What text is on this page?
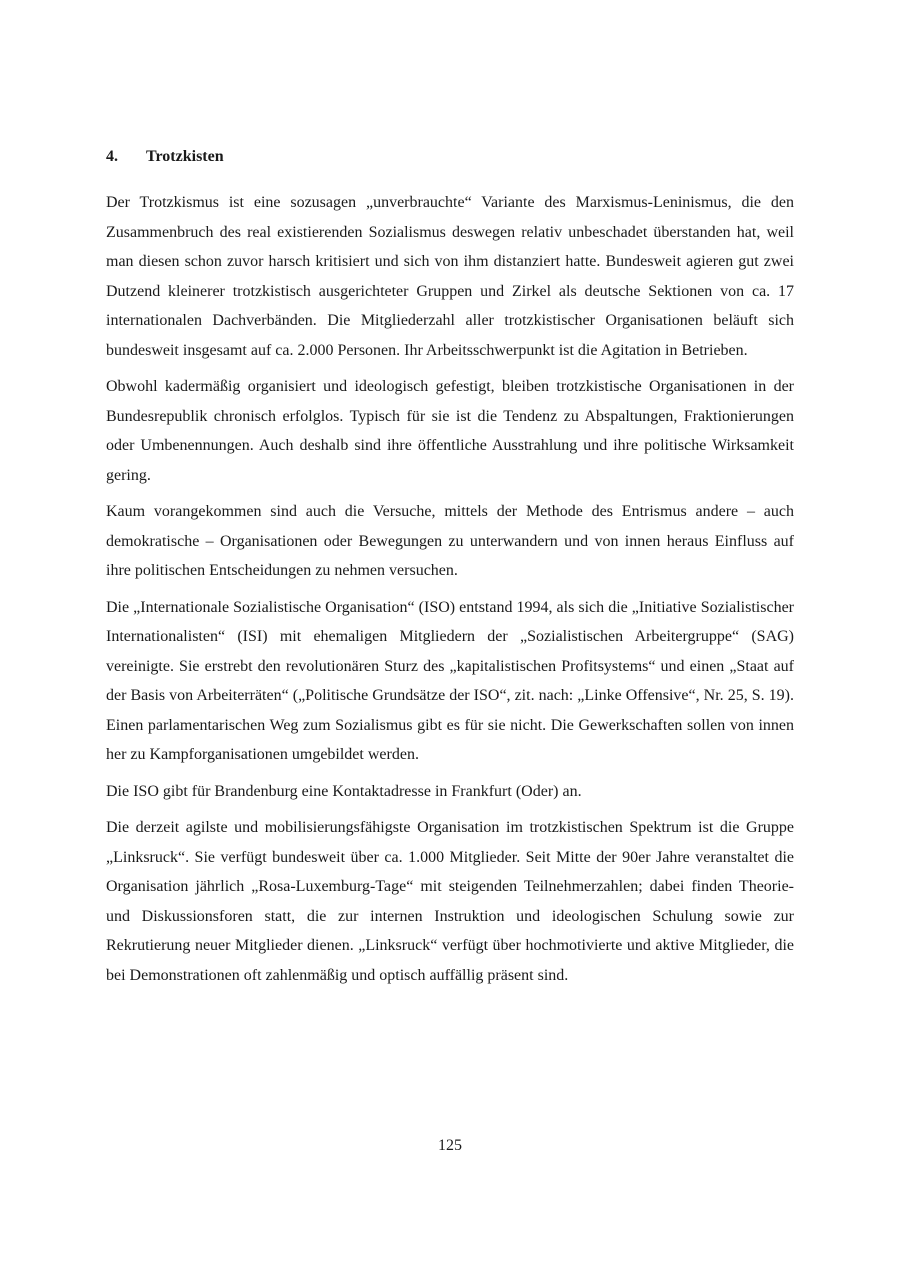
4. Trotzkisten

Der Trotzkismus ist eine sozusagen „unverbrauchte“ Variante des Marxismus-Leninismus, die den Zusammenbruch des real existierenden Sozialismus deswegen relativ unbeschadet überstanden hat, weil man diesen schon zuvor harsch kritisiert und sich von ihm distanziert hatte. Bundesweit agieren gut zwei Dutzend kleinerer trotzkistisch ausgerichteter Gruppen und Zirkel als deutsche Sektionen von ca. 17 internationalen Dachverbänden. Die Mitgliederzahl aller trotzkistischer Organisationen beläuft sich bundesweit insgesamt auf ca. 2.000 Personen. Ihr Arbeitsschwerpunkt ist die Agitation in Betrieben.

Obwohl kadermäßig organisiert und ideologisch gefestigt, bleiben trotzkistische Organisationen in der Bundesrepublik chronisch erfolglos. Typisch für sie ist die Tendenz zu Abspaltungen, Fraktionierungen oder Umbenennungen. Auch deshalb sind ihre öffentliche Ausstrahlung und ihre politische Wirksamkeit gering.

Kaum vorangekommen sind auch die Versuche, mittels der Methode des Entrismus andere – auch demokratische – Organisationen oder Bewegungen zu unterwandern und von innen heraus Einfluss auf ihre politischen Entscheidungen zu nehmen versuchen.

Die „Internationale Sozialistische Organisation“ (ISO) entstand 1994, als sich die „Initiative Sozialistischer Internationalisten“ (ISI) mit ehemaligen Mitgliedern der „Sozialistischen Arbeitergruppe“ (SAG) vereinigte. Sie erstrebt den revolutionären Sturz des „kapitalistischen Profitsystems“ und einen „Staat auf der Basis von Arbeiterräten“ („Politische Grundsätze der ISO“, zit. nach: „Linke Offensive“, Nr. 25, S. 19). Einen parlamentarischen Weg zum Sozialismus gibt es für sie nicht. Die Gewerkschaften sollen von innen her zu Kampforganisationen umgebildet werden.

Die ISO gibt für Brandenburg eine Kontaktadresse in Frankfurt (Oder) an.

Die derzeit agilste und mobilisierungsfähigste Organisation im trotzkistischen Spektrum ist die Gruppe „Linksruck“. Sie verfügt bundesweit über ca. 1.000 Mitglieder. Seit Mitte der 90er Jahre veranstaltet die Organisation jährlich „Rosa-Luxemburg-Tage“ mit steigenden Teilnehmerzahlen; dabei finden Theorie- und Diskussionsforen statt, die zur internen Instruktion und ideologischen Schulung sowie zur Rekrutierung neuer Mitglieder dienen. „Linksruck“ verfügt über hochmotivierte und aktive Mitglieder, die bei Demonstrationen oft zahlenmäßig und optisch auffällig präsent sind.

125
